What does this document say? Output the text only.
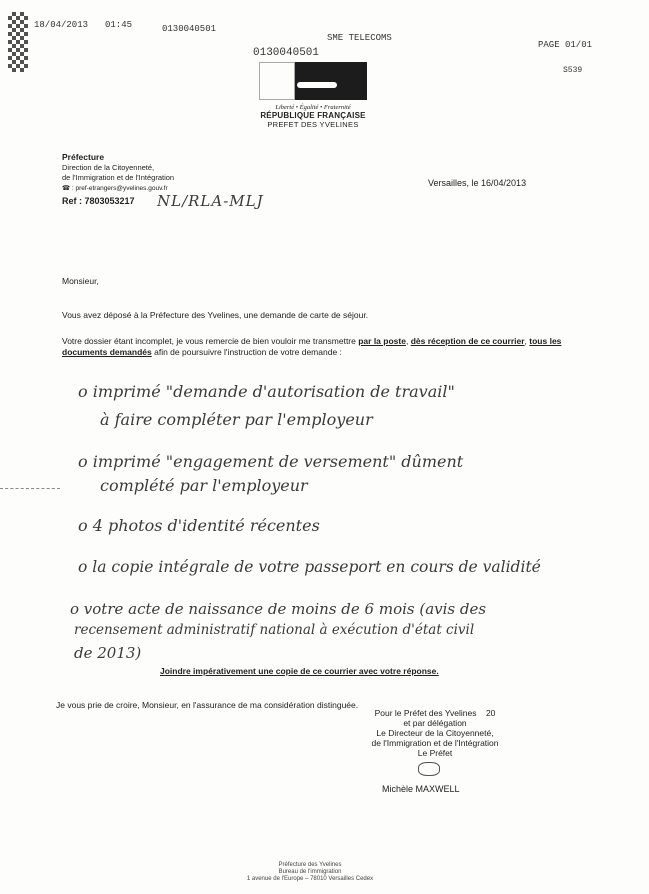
18/04/2013 01:45	0130040501
SME TELECOMS
PAGE 01/01
S539
0130040501
Liberté • Égalité • Fraternité
RÉPUBLIQUE FRANÇAISE
PREFET DES YVELINES
Préfecture
Direction de la Citoyenneté,
de l'Immigration et de l'Intégration
☎ : pref-etrangers@yvelines.gouv.fr
Ref : 7803053217 NL/RLA-MLJ
Versailles, le 16/04/2013
Monsieur,
Vous avez déposé à la Préfecture des Yvelines, une demande de carte de séjour.
Votre dossier étant incomplet, je vous remercie de bien vouloir me transmettre par la poste, dès réception de ce courrier, tous les documents demandés afin de poursuivre l'instruction de votre demande :
o imprimé "demande d'autorisation de travail"
à faire compléter par l'employeur
o imprimé "engagement de versement" dûment
complété par l'employeur
o 4 photos d'identité récentes
o la copie intégrale de votre passeport en cours de validité
o votre acte de naissance de moins de 6 mois (avis des
recensement administratif national à exécution d'état civil
de 2013)
Joindre impérativement une copie de ce courrier avec votre réponse.
Je vous prie de croire, Monsieur, en l'assurance de ma considération distinguée.
Pour le Préfet des Yvelines 20
et par délégation
Le Directeur de la Citoyenneté,
de l'Immigration et de l'Intégration
Le Préfet
Michèle MAXWELL
Préfecture des Yvelines
Bureau de l'immigration
1 avenue de l'Europe – 78010 Versailles Cedex
